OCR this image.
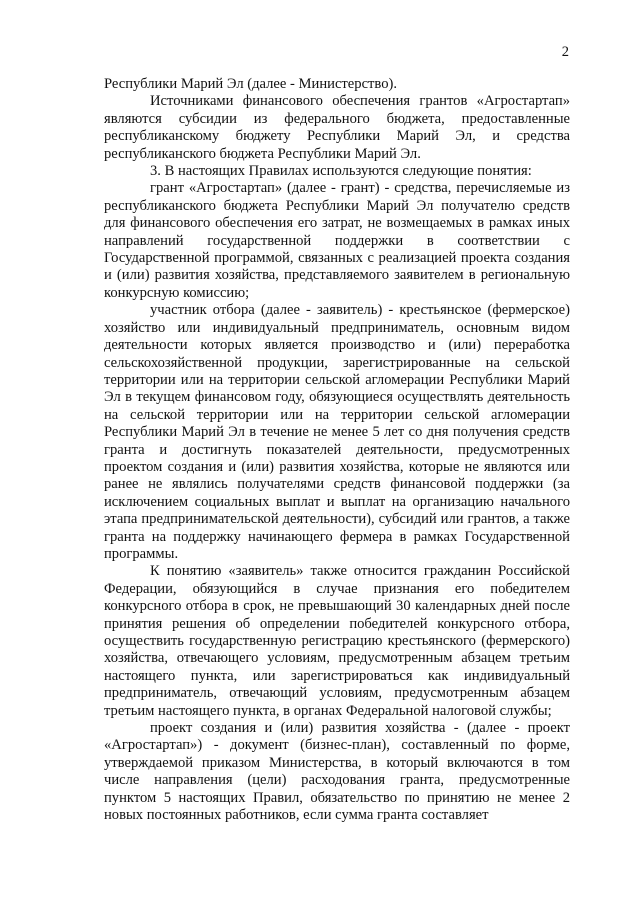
2

Республики Марий Эл (далее - Министерство).

Источниками финансового обеспечения грантов «Агростартап» являются субсидии из федерального бюджета, предоставленные республиканскому бюджету Республики Марий Эл, и средства республиканского бюджета Республики Марий Эл.

3. В настоящих Правилах используются следующие понятия:

грант «Агростартап» (далее - грант) - средства, перечисляемые из республиканского бюджета Республики Марий Эл получателю средств для финансового обеспечения его затрат, не возмещаемых в рамках иных направлений государственной поддержки в соответствии с Государственной программой, связанных с реализацией проекта создания и (или) развития хозяйства, представляемого заявителем в региональную конкурсную комиссию;

участник отбора (далее - заявитель) - крестьянское (фермерское) хозяйство или индивидуальный предприниматель, основным видом деятельности которых является производство и (или) переработка сельскохозяйственной продукции, зарегистрированные на сельской территории или на территории сельской агломерации Республики Марий Эл в текущем финансовом году, обязующиеся осуществлять деятельность на сельской территории или на территории сельской агломерации Республики Марий Эл в течение не менее 5 лет со дня получения средств гранта и достигнуть показателей деятельности, предусмотренных проектом создания и (или) развития хозяйства, которые не являются или ранее не являлись получателями средств финансовой поддержки (за исключением социальных выплат и выплат на организацию начального этапа предпринимательской деятельности), субсидий или грантов, а также гранта на поддержку начинающего фермера в рамках Государственной программы.

К понятию «заявитель» также относится гражданин Российской Федерации, обязующийся в случае признания его победителем конкурсного отбора в срок, не превышающий 30 календарных дней после принятия решения об определении победителей конкурсного отбора, осуществить государственную регистрацию крестьянского (фермерского) хозяйства, отвечающего условиям, предусмотренным абзацем третьим настоящего пункта, или зарегистрироваться как индивидуальный предприниматель, отвечающий условиям, предусмотренным абзацем третьим настоящего пункта, в органах Федеральной налоговой службы;

проект создания и (или) развития хозяйства - (далее - проект «Агростартап») - документ (бизнес-план), составленный по форме, утверждаемой приказом Министерства, в который включаются в том числе направления (цели) расходования гранта, предусмотренные пунктом 5 настоящих Правил, обязательство по принятию не менее 2 новых постоянных работников, если сумма гранта составляет
